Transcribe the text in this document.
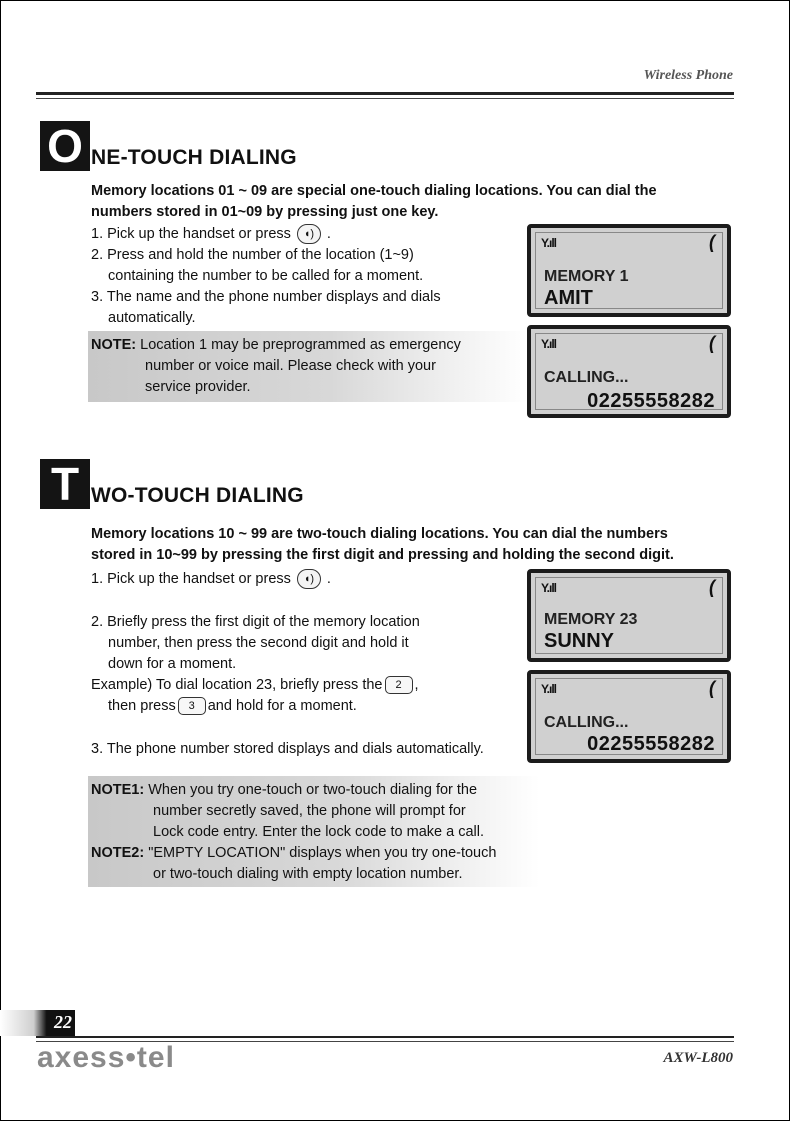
Wireless Phone
O NE-TOUCH DIALING
Memory locations 01 ~ 09 are special one-touch dialing locations. You can dial the
numbers stored in 01~09 by pressing just one key.
1. Pick up the handset or press ◖) .
2. Press and hold the number of the location (1~9)
containing the number to be called for a moment.
3. The name and the phone number displays and dials
automatically.
NOTE: Location 1 may be preprogrammed as emergency
number or voice mail. Please check with your
service provider.
Y.ıll	(
MEMORY 1
AMIT
Y.ıll	(
CALLING...
02255558282
T WO-TOUCH DIALING
Memory locations 10 ~ 99 are two-touch dialing locations. You can dial the numbers
stored in 10~99 by pressing the first digit and pressing and holding the second digit.
1. Pick up the handset or press ◖) .
2. Briefly press the first digit of the memory location
number, then press the second digit and hold it
down for a moment.
Example) To dial location 23, briefly press the 2 ,
then press 3 and hold for a moment.
3. The phone number stored displays and dials automatically.
NOTE1: When you try one-touch or two-touch dialing for the
number secretly saved, the phone will prompt for
Lock code entry. Enter the lock code to make a call.
NOTE2: "EMPTY LOCATION" displays when you try one-touch
or two-touch dialing with empty location number.
Y.ıll	(
MEMORY 23
SUNNY
Y.ıll	(
CALLING...
02255558282
22
axess•tel	AXW-L800
